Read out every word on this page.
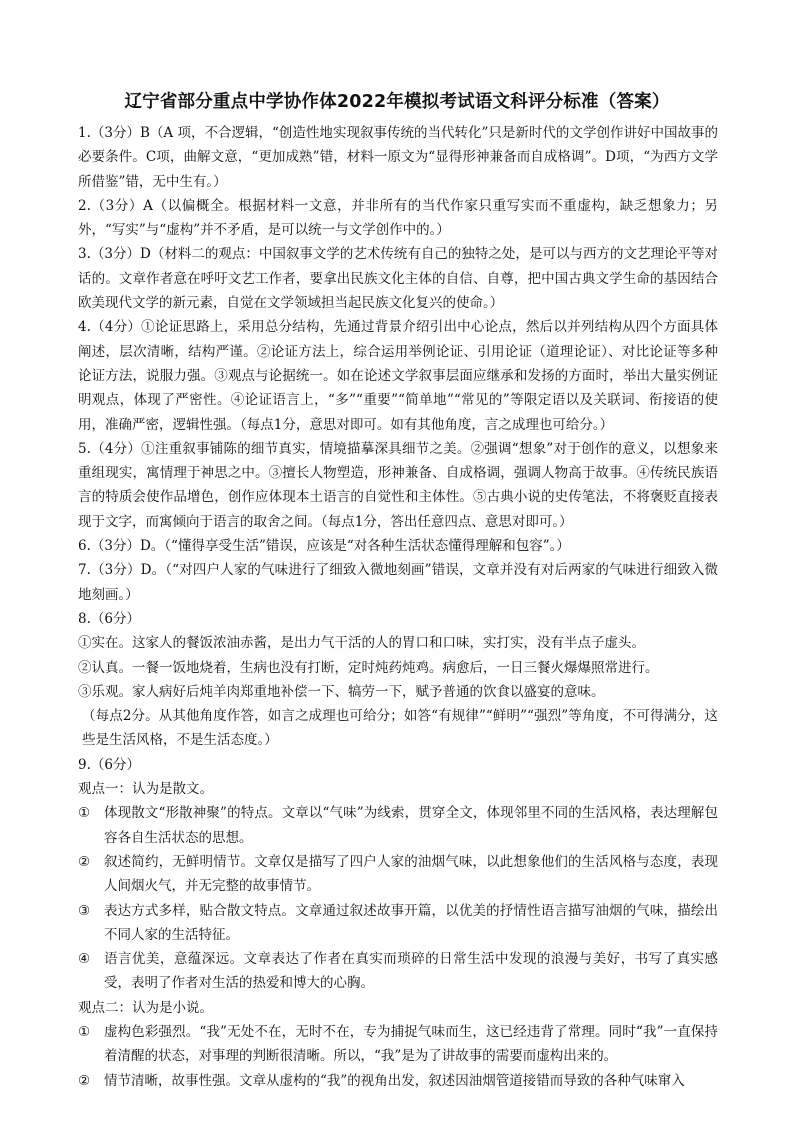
辽宁省部分重点中学协作体2022年模拟考试语文科评分标准（答案）
1.（3分）B（A 项，不合逻辑，“创造性地实现叙事传统的当代转化”只是新时代的文学创作讲好中国故事的必要条件。C项，曲解文意，“更加成熟”错，材料一原文为“显得形神兼备而自成格调”。D项，“为西方文学所借鉴”错，无中生有。）
2.（3分）A（以偏概全。根据材料一文意，并非所有的当代作家只重写实而不重虚构，缺乏想象力；另外，“写实”与“虚构”并不矛盾，是可以统一与文学创作中的。）
3.（3分）D（材料二的观点：中国叙事文学的艺术传统有自己的独特之处，是可以与西方的文艺理论平等对话的。文章作者意在呼吁文艺工作者，要拿出民族文化主体的自信、自尊，把中国古典文学生命的基因结合欧美现代文学的新元素，自觉在文学领域担当起民族文化复兴的使命。）
4.（4分）①论证思路上，采用总分结构，先通过背景介绍引出中心论点，然后以并列结构从四个方面具体阐述，层次清晰，结构严谨。②论证方法上，综合运用举例论证、引用论证（道理论证）、对比论证等多种论证方法，说服力强。③观点与论据统一。如在论述文学叙事层面应继承和发扬的方面时，举出大量实例证明观点，体现了严密性。④论证语言上，“多”“重要”“简单地”“常见的”等限定语以及关联词、衔接语的使用，准确严密，逻辑性强。（每点1分，意思对即可。如有其他角度，言之成理也可给分。）
5.（4分）①注重叙事铺陈的细节真实，情境描摹深具细节之美。②强调“想象”对于创作的意义，以想象来重组现实，寓情理于神思之中。③擅长人物塑造，形神兼备、自成格调，强调人物高于故事。④传统民族语言的特质会使作品增色，创作应体现本土语言的自觉性和主体性。⑤古典小说的史传笔法，不将褒贬直接表现于文字，而寓倾向于语言的取舍之间。（每点1分，答出任意四点、意思对即可。）
6.（3分）D。（“懂得享受生活”错误，应该是“对各种生活状态懂得理解和包容”。）
7.（3分）D。（“对四户人家的气味进行了细致入微地刻画”错误，文章并没有对后两家的气味进行细致入微地刻画。）
8.（6分）
①实在。这家人的餐饭浓油赤酱，是出力气干活的人的胃口和口味，实打实，没有半点子虚头。
②认真。一餐一饭地烧着，生病也没有打断，定时炖药炖鸡。病愈后，一日三餐火爆爆照常进行。
③乐观。家人病好后炖羊肉郑重地补偿一下、犒劳一下，赋予普通的饮食以盛宴的意味。
（每点2分。从其他角度作答，如言之成理也可给分；如答“有规律”“鲜明”“强烈”等角度，不可得满分，这些是生活风格，不是生活态度。）
9.（6分）
观点一：认为是散文。
①	体现散文“形散神聚”的特点。文章以“气味”为线索，贯穿全文，体现邻里不同的生活风格，表达理解包容各自生活状态的思想。
②	叙述简约，无鲜明情节。文章仅是描写了四户人家的油烟气味，以此想象他们的生活风格与态度，表现人间烟火气，并无完整的故事情节。
③	表达方式多样，贴合散文特点。文章通过叙述故事开篇，以优美的抒情性语言描写油烟的气味，描绘出不同人家的生活特征。
④	语言优美，意蕴深远。文章表达了作者在真实而琐碎的日常生活中发现的浪漫与美好，书写了真实感受，表明了作者对生活的热爱和博大的心胸。
观点二：认为是小说。
①	虚构色彩强烈。“我”无处不在，无时不在，专为捕捉气味而生，这已经违背了常理。同时“我”一直保持着清醒的状态，对事理的判断很清晰。所以，“我”是为了讲故事的需要而虚构出来的。
②	情节清晰，故事性强。文章从虚构的“我”的视角出发，叙述因油烟管道接错而导致的各种气味窜入
